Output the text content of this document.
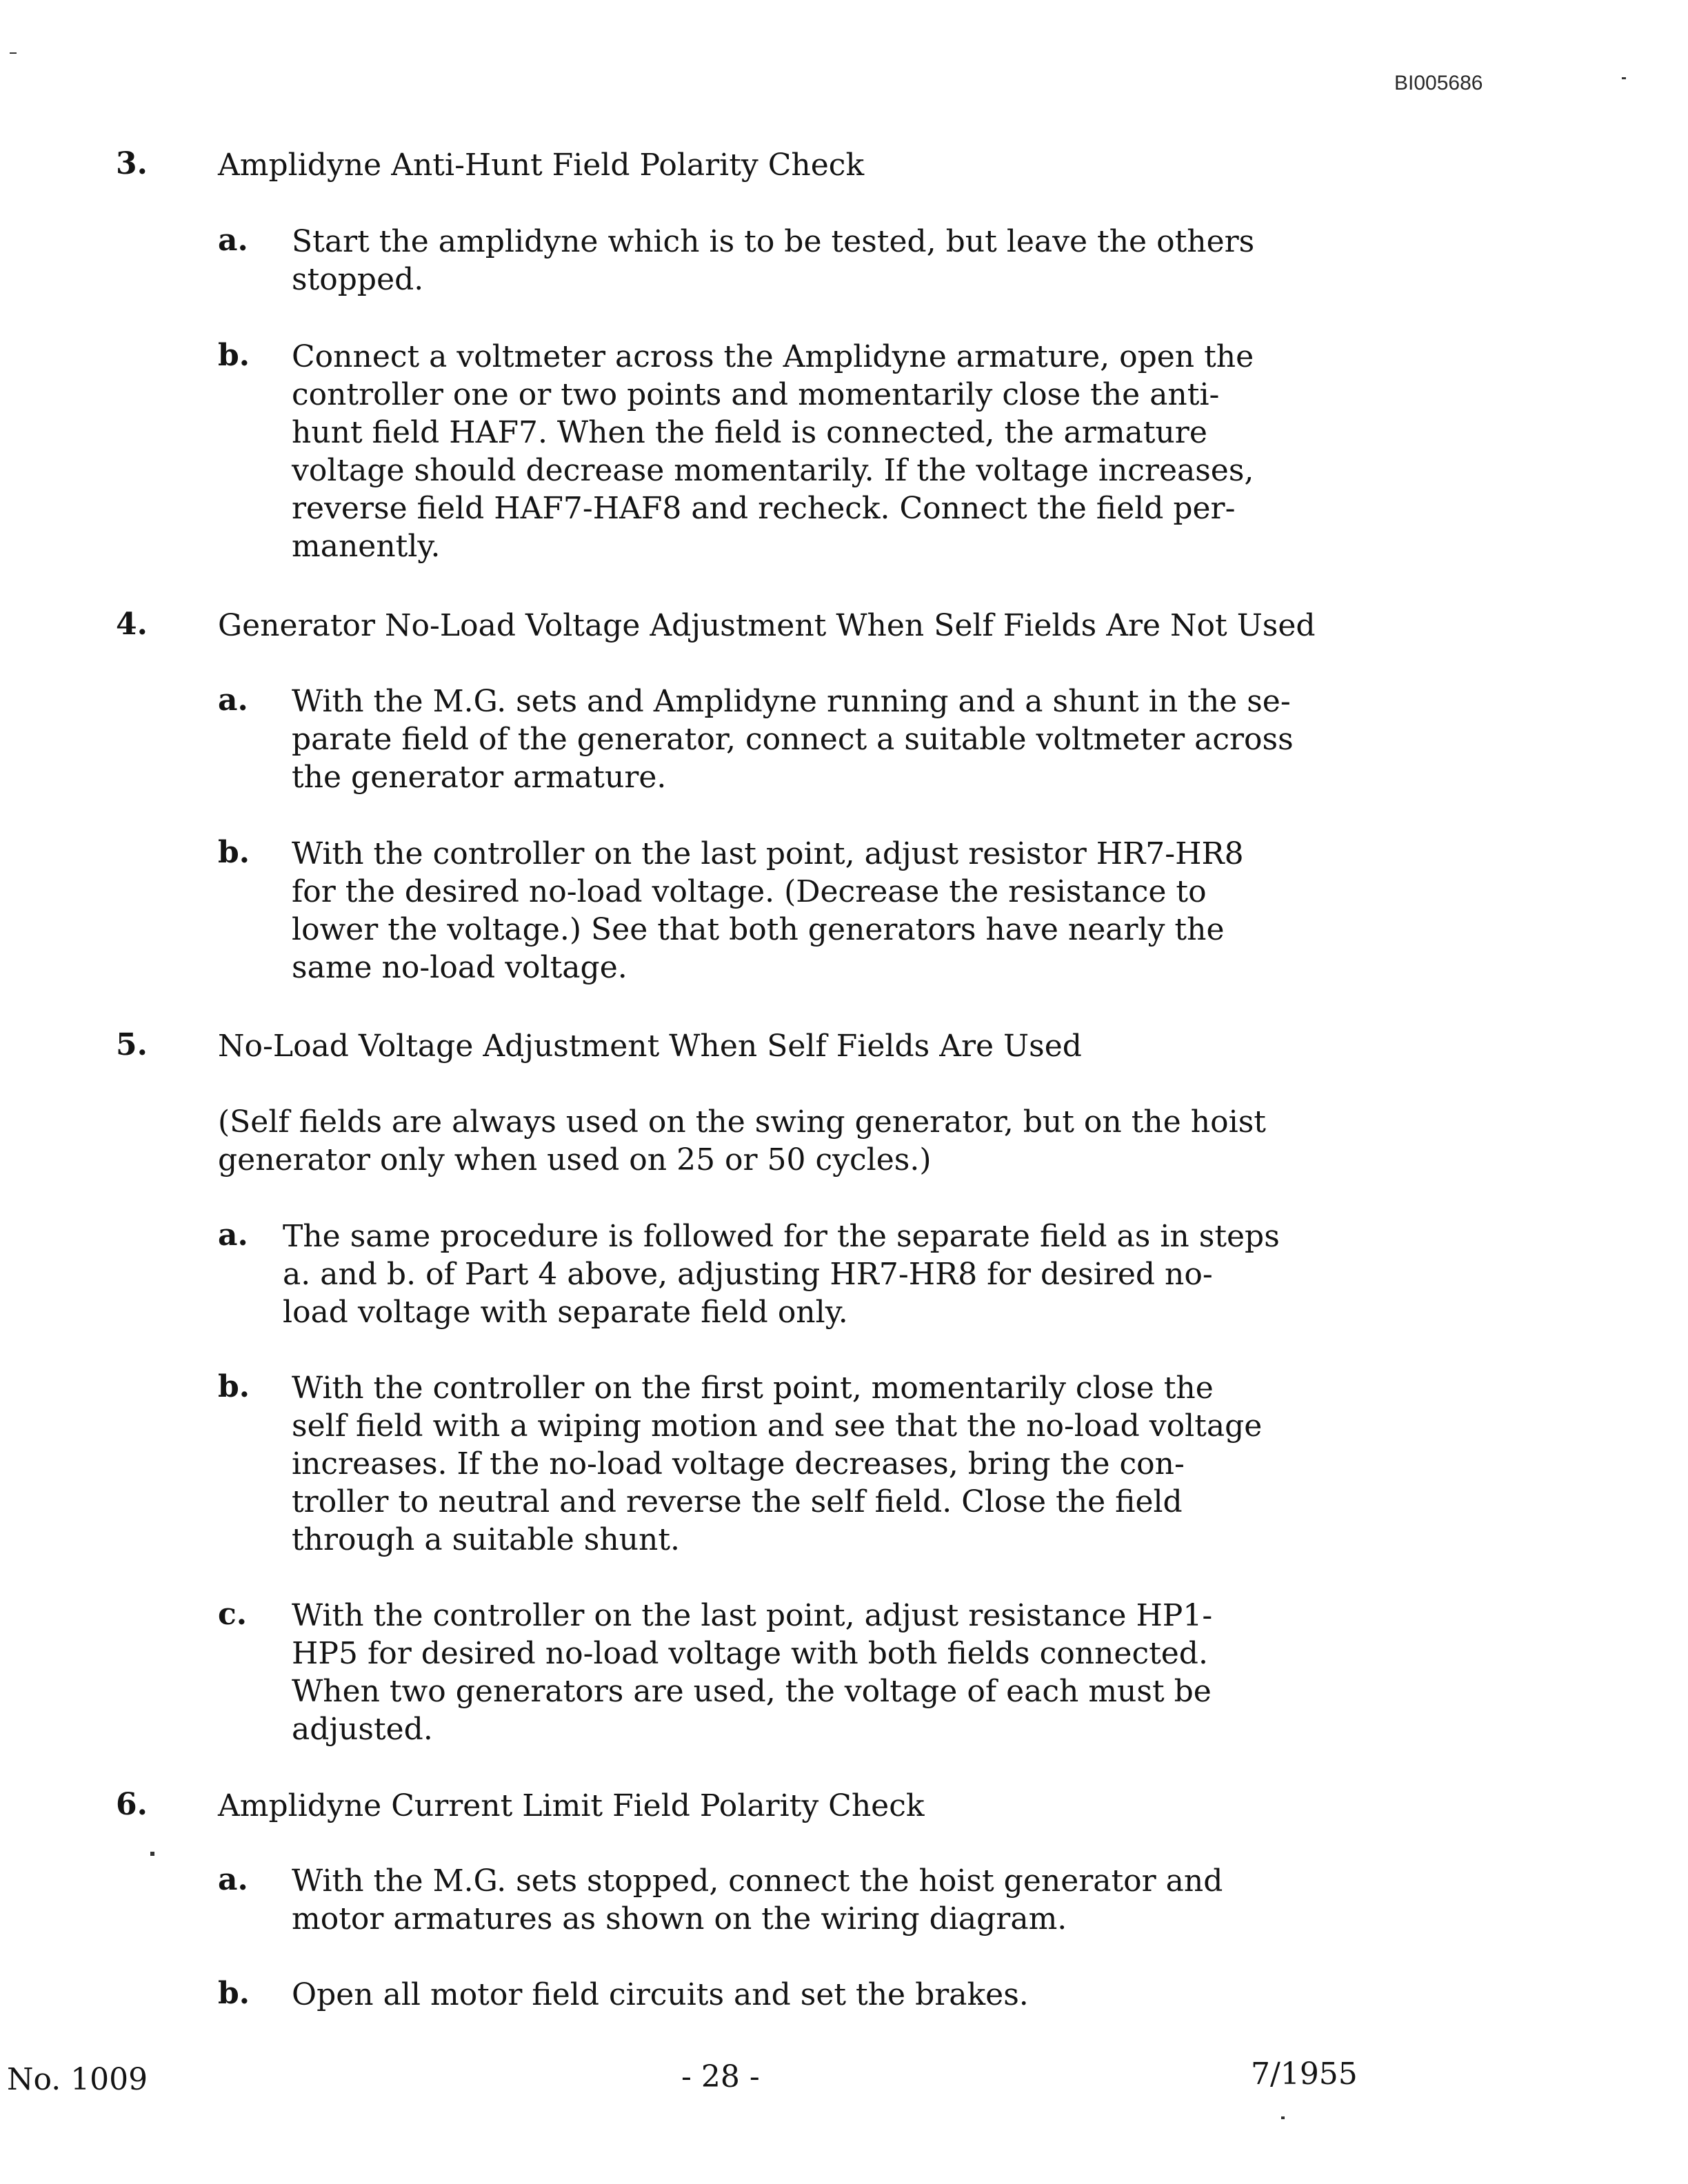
BI005686
3. Amplidyne Anti-Hunt Field Polarity Check
a. Start the amplidyne which is to be tested, but leave the others
stopped.
b. Connect a voltmeter across the Amplidyne armature, open the
controller one or two points and momentarily close the anti-
hunt field HAF7. When the field is connected, the armature
voltage should decrease momentarily. If the voltage increases,
reverse field HAF7-HAF8 and recheck. Connect the field per-
manently.
4. Generator No-Load Voltage Adjustment When Self Fields Are Not Used
a. With the M.G. sets and Amplidyne running and a shunt in the se-
parate field of the generator, connect a suitable voltmeter across
the generator armature.
b. With the controller on the last point, adjust resistor HR7-HR8
for the desired no-load voltage. (Decrease the resistance to
lower the voltage.) See that both generators have nearly the
same no-load voltage.
5. No-Load Voltage Adjustment When Self Fields Are Used
(Self fields are always used on the swing generator, but on the hoist
generator only when used on 25 or 50 cycles.)
a. The same procedure is followed for the separate field as in steps
a. and b. of Part 4 above, adjusting HR7-HR8 for desired no-
load voltage with separate field only.
b. With the controller on the first point, momentarily close the
self field with a wiping motion and see that the no-load voltage
increases. If the no-load voltage decreases, bring the con-
troller to neutral and reverse the self field. Close the field
through a suitable shunt.
c. With the controller on the last point, adjust resistance HP1-
HP5 for desired no-load voltage with both fields connected.
When two generators are used, the voltage of each must be
adjusted.
6. Amplidyne Current Limit Field Polarity Check
a. With the M.G. sets stopped, connect the hoist generator and
motor armatures as shown on the wiring diagram.
b. Open all motor field circuits and set the brakes.
No. 1009	- 28 -	7/1955
